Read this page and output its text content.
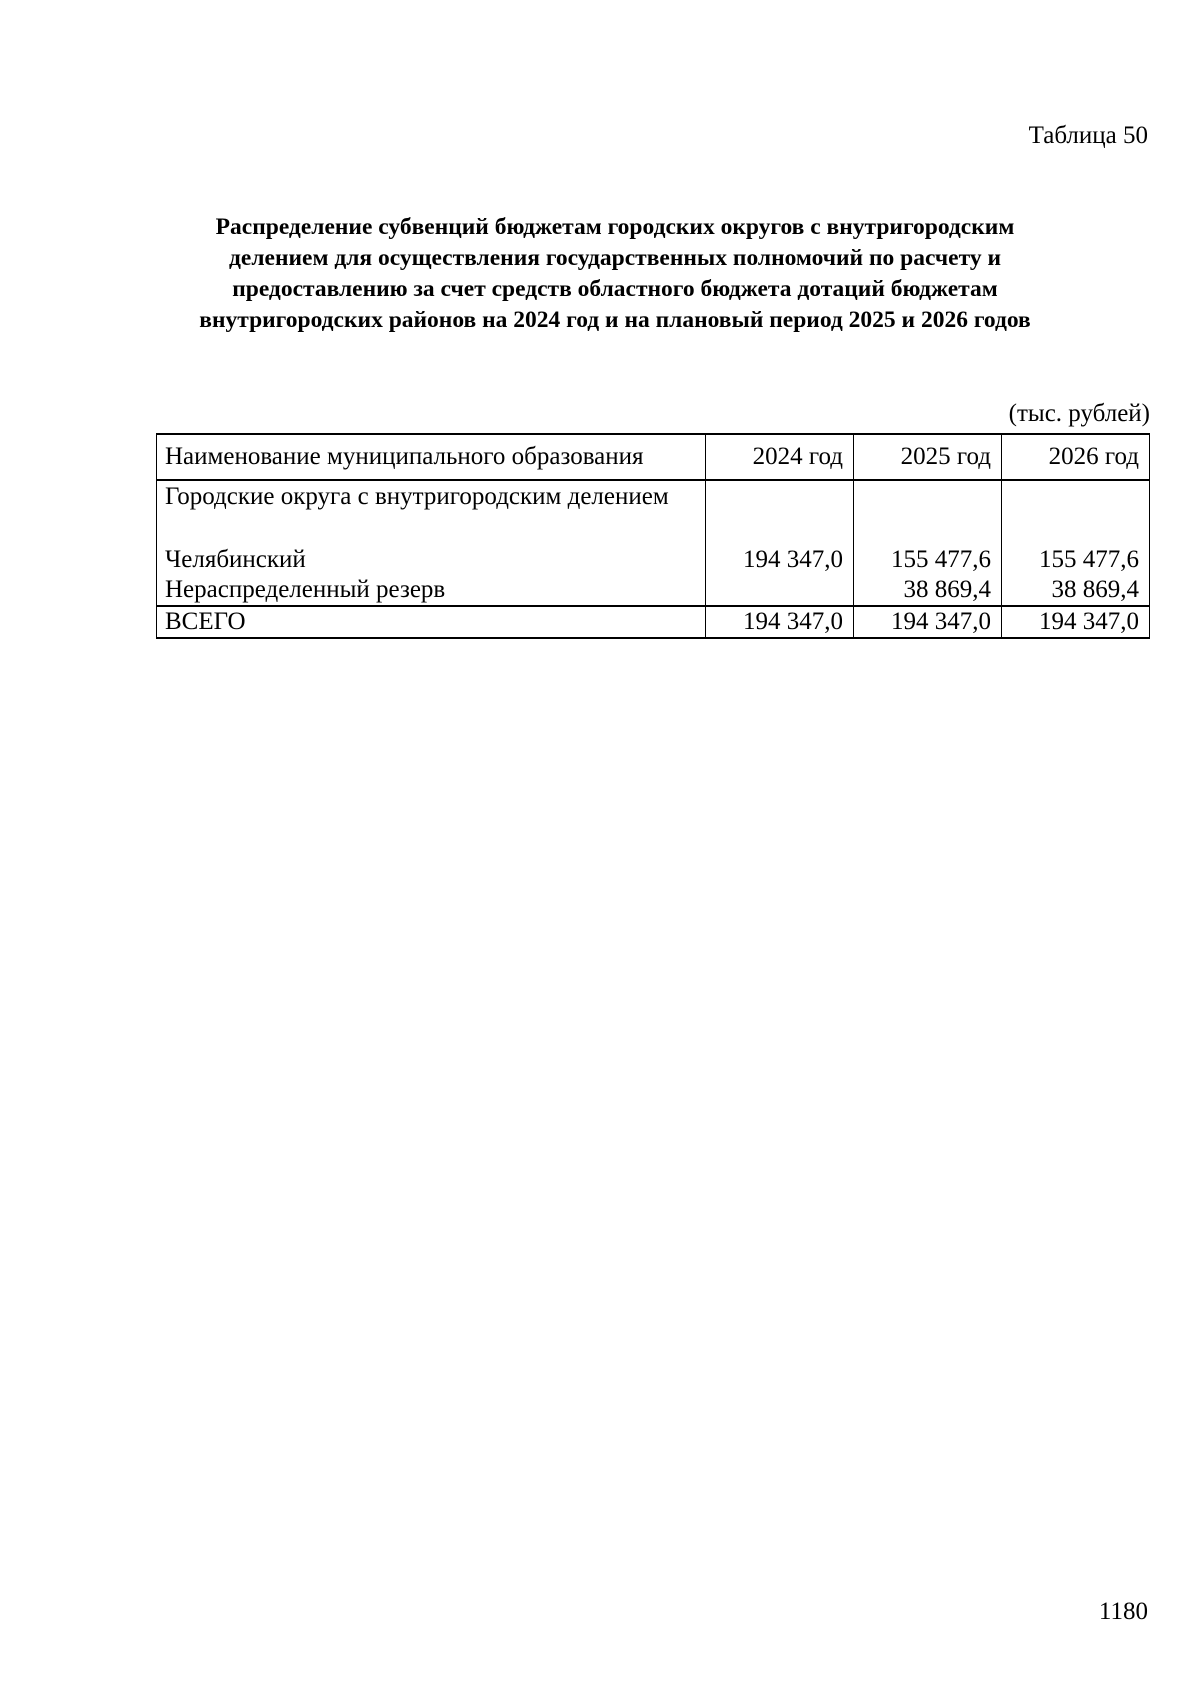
Таблица 50
Распределение субвенций бюджетам городских округов с внутригородским
делением для осуществления государственных полномочий по расчету и
предоставлению за счет средств областного бюджета дотаций бюджетам
внутригородских районов на 2024 год и на плановый период 2025 и 2026 годов
(тыс. рублей)
Наименование муниципального образования	2024 год	2025 год	2026 год
Городские округа с внутригородским делением			
Челябинский	194 347,0	155 477,6	155 477,6
Нераспределенный резерв		38 869,4	38 869,4
ВСЕГО	194 347,0	194 347,0	194 347,0
1180
